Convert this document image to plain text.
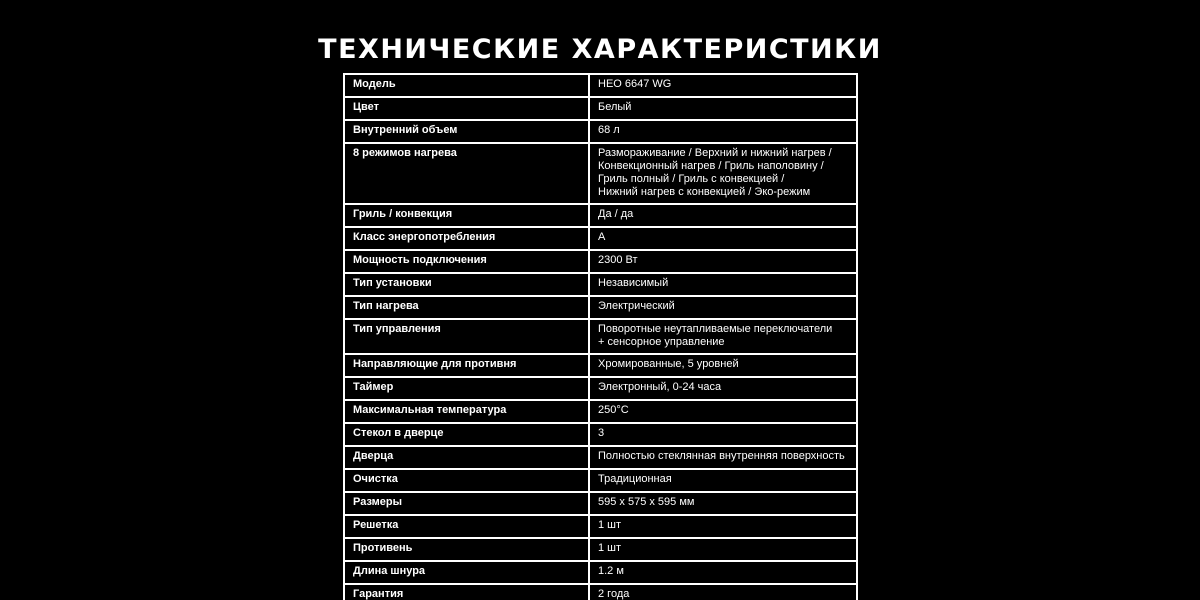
ТЕХНИЧЕСКИЕ ХАРАКТЕРИСТИКИ
Модель	HEO 6647 WG
Цвет	Белый
Внутренний объем	68 л
8 режимов нагрева	Размораживание / Верхний и нижний нагрев /
Конвекционный нагрев / Гриль наполовину /
Гриль полный / Гриль с конвекцией /
Нижний нагрев с конвекцией / Эко-режим
Гриль / конвекция	Да / да
Класс энергопотребления	A
Мощность подключения	2300 Вт
Тип установки	Независимый
Тип нагрева	Электрический
Тип управления	Поворотные неутапливаемые переключатели
+ сенсорное управление
Направляющие для противня	Хромированные, 5 уровней
Таймер	Электронный, 0-24 часа
Максимальная температура	250°C
Стекол в дверце	3
Дверца	Полностью стеклянная внутренняя поверхность
Очистка	Традиционная
Размеры	595 x 575 x 595 мм
Решетка	1 шт
Противень	1 шт
Длина шнура	1.2 м
Гарантия	2 года
